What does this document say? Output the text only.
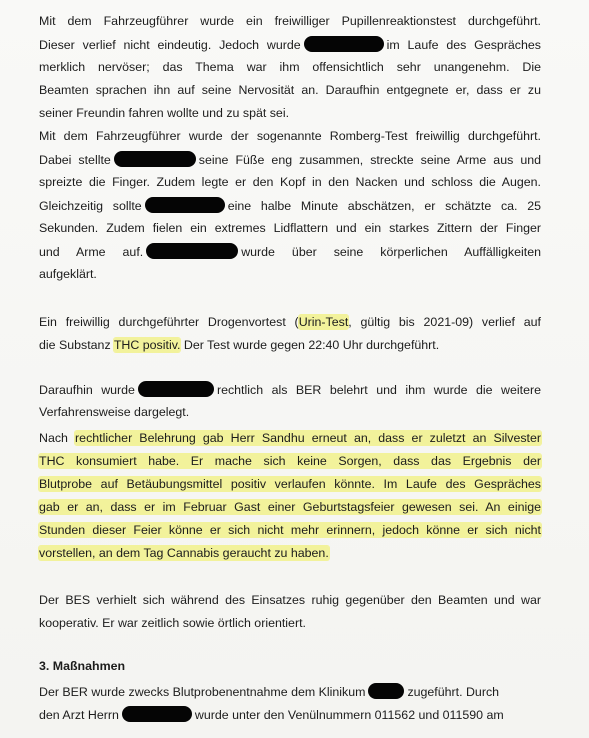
Mit dem Fahrzeugführer wurde ein freiwilliger Pupillenreaktionstest durchgeführt.
Dieser verlief nicht eindeutig. Jedoch wurde	im Laufe des Gespräches
merklich nervöser; das Thema war ihm offensichtlich sehr unangenehm. Die
Beamten sprachen ihn auf seine Nervosität an. Daraufhin entgegnete er, dass er zu
seiner Freundin fahren wollte und zu spät sei.
Mit dem Fahrzeugführer wurde der sogenannte Romberg-Test freiwillig durchgeführt.
Dabei stellte	seine Füße eng zusammen, streckte seine Arme aus und
spreizte die Finger. Zudem legte er den Kopf in den Nacken und schloss die Augen.
Gleichzeitig sollte	eine halbe Minute abschätzen, er schätzte ca. 25
Sekunden. Zudem fielen ein extremes Lidflattern und ein starkes Zittern der Finger
und Arme auf.	wurde über seine körperlichen Auffälligkeiten
aufgeklärt.
Ein freiwillig durchgeführter Drogenvortest (Urin-Test, gültig bis 2021-09) verlief auf
die Substanz THC positiv. Der Test wurde gegen 22:40 Uhr durchgeführt.
Daraufhin wurde	rechtlich als BER belehrt und ihm wurde die weitere
Verfahrensweise dargelegt.
Nach rechtlicher Belehrung gab Herr Sandhu erneut an, dass er zuletzt an Silvester
THC konsumiert habe. Er mache sich keine Sorgen, dass das Ergebnis der
Blutprobe auf Betäubungsmittel positiv verlaufen könnte. Im Laufe des Gespräches
gab er an, dass er im Februar Gast einer Geburtstagsfeier gewesen sei. An einige
Stunden dieser Feier könne er sich nicht mehr erinnern, jedoch könne er sich nicht
vorstellen, an dem Tag Cannabis geraucht zu haben.
Der BES verhielt sich während des Einsatzes ruhig gegenüber den Beamten und war
kooperativ. Er war zeitlich sowie örtlich orientiert.
3. Maßnahmen
Der BER wurde zwecks Blutprobenentnahme dem Klinikum	zugeführt. Durch
den Arzt Herrn	wurde unter den Venülnummern 011562 und 011590 am
